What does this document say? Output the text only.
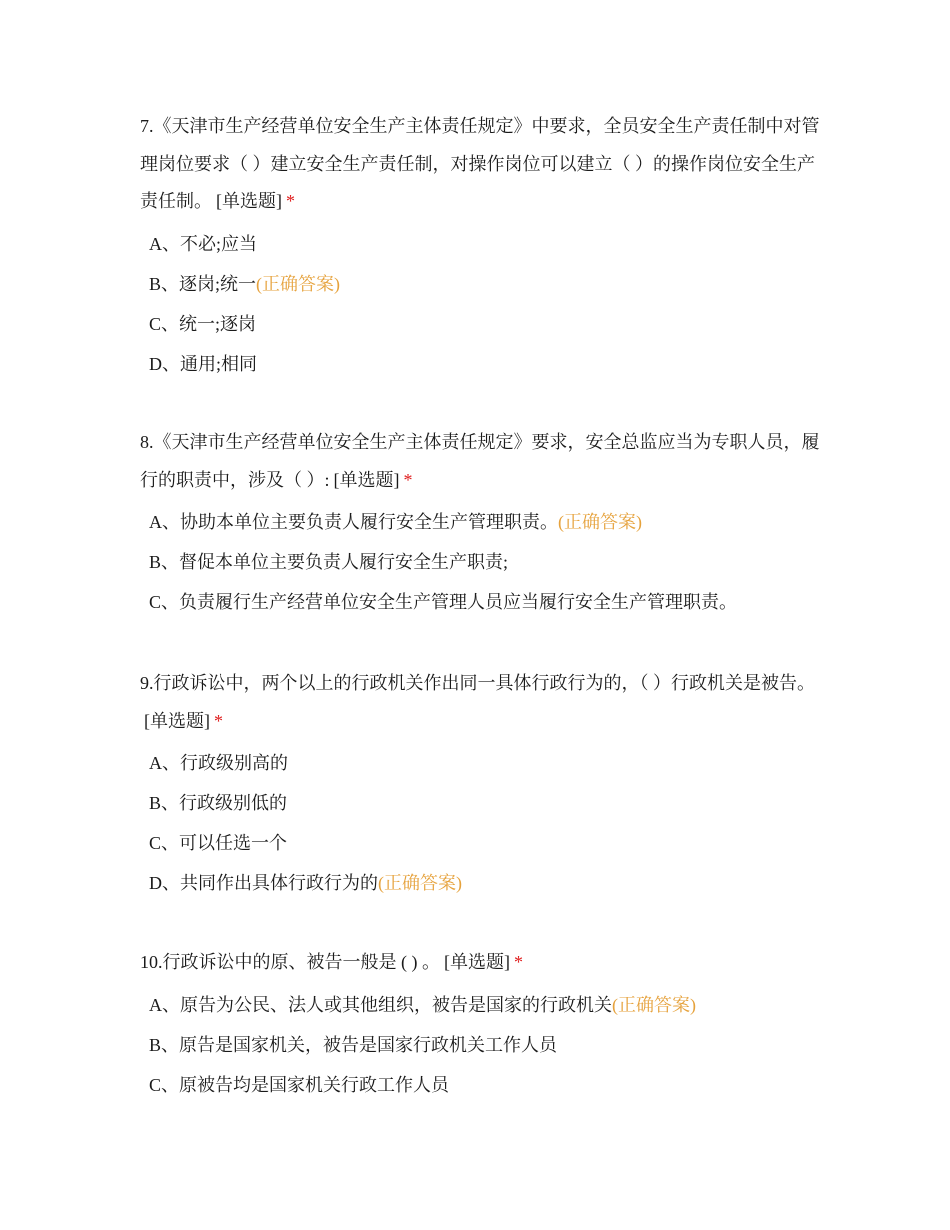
7.《天津市生产经营单位安全生产主体责任规定》中要求，全员安全生产责任制中对管理岗位要求（ ）建立安全生产责任制，对操作岗位可以建立（ ）的操作岗位安全生产责任制。 [单选题] *

A、不必;应当
B、逐岗;统一(正确答案)
C、统一;逐岗
D、通用;相同

8.《天津市生产经营单位安全生产主体责任规定》要求，安全总监应当为专职人员，履行的职责中，涉及（ ）: [单选题] *

A、协助本单位主要负责人履行安全生产管理职责。(正确答案)
B、督促本单位主要负责人履行安全生产职责;
C、负责履行生产经营单位安全生产管理人员应当履行安全生产管理职责。

9.行政诉讼中，两个以上的行政机关作出同一具体行政行为的，（ ）行政机关是被告。[单选题] *

A、行政级别高的
B、行政级别低的
C、可以任选一个
D、共同作出具体行政行为的(正确答案)

10.行政诉讼中的原、被告一般是 ( ) 。 [单选题] *

A、原告为公民、法人或其他组织，被告是国家的行政机关(正确答案)
B、原告是国家机关，被告是国家行政机关工作人员
C、原被告均是国家机关行政工作人员
